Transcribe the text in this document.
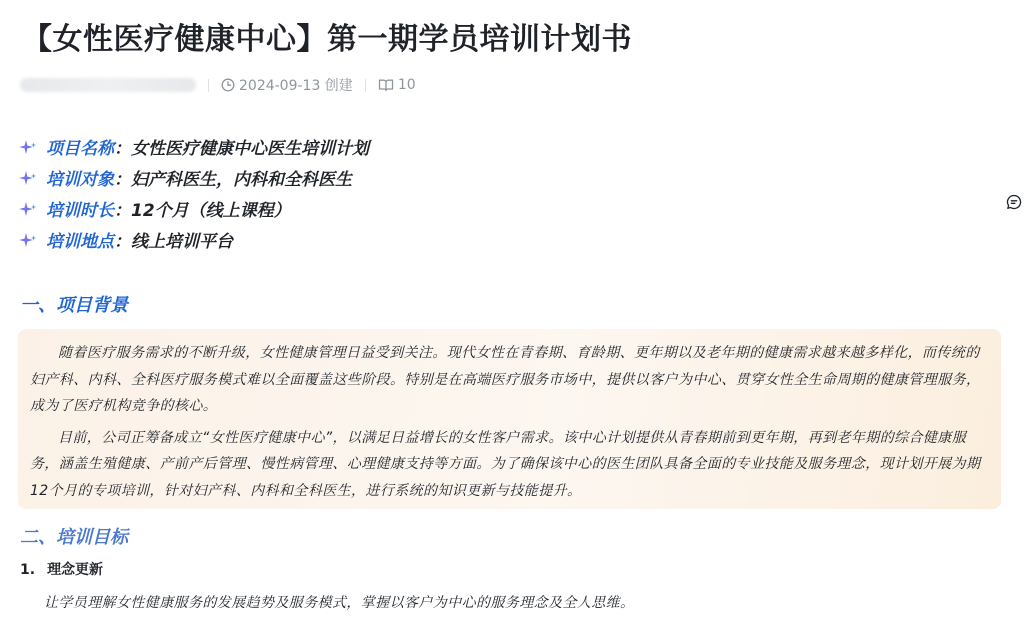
【女性医疗健康中心】第一期学员培训计划书
2024-09-13 创建	10
项目名称 ： 女性医疗健康中心医生培训计划
培训对象 ： 妇产科医生，内科和全科医生
培训时长 ： 12个月（线上课程）
培训地点 ： 线上培训平台
一、项目背景

随着医疗服务需求的不断升级，女性健康管理日益受到关注。现代女性在青春期、育龄期、更年期以及老年期的健康需求越来越多样化，而传统的妇产科、内科、全科医疗服务模式难以全面覆盖这些阶段。特别是在高端医疗服务市场中，提供以客户为中心、贯穿女性全生命周期的健康管理服务，成为了医疗机构竞争的核心。

目前，公司正筹备成立“女性医疗健康中心”，以满足日益增长的女性客户需求。该中心计划提供从青春期前到更年期，再到老年期的综合健康服务，涵盖生殖健康、产前产后管理、慢性病管理、心理健康支持等方面。为了确保该中心的医生团队具备全面的专业技能及服务理念，现计划开展为期12个月的专项培训，针对妇产科、内科和全科医生，进行系统的知识更新与技能提升。

二、培训目标
1. 理念更新
让学员理解女性健康服务的发展趋势及服务模式，掌握以客户为中心的服务理念及全人思维。
